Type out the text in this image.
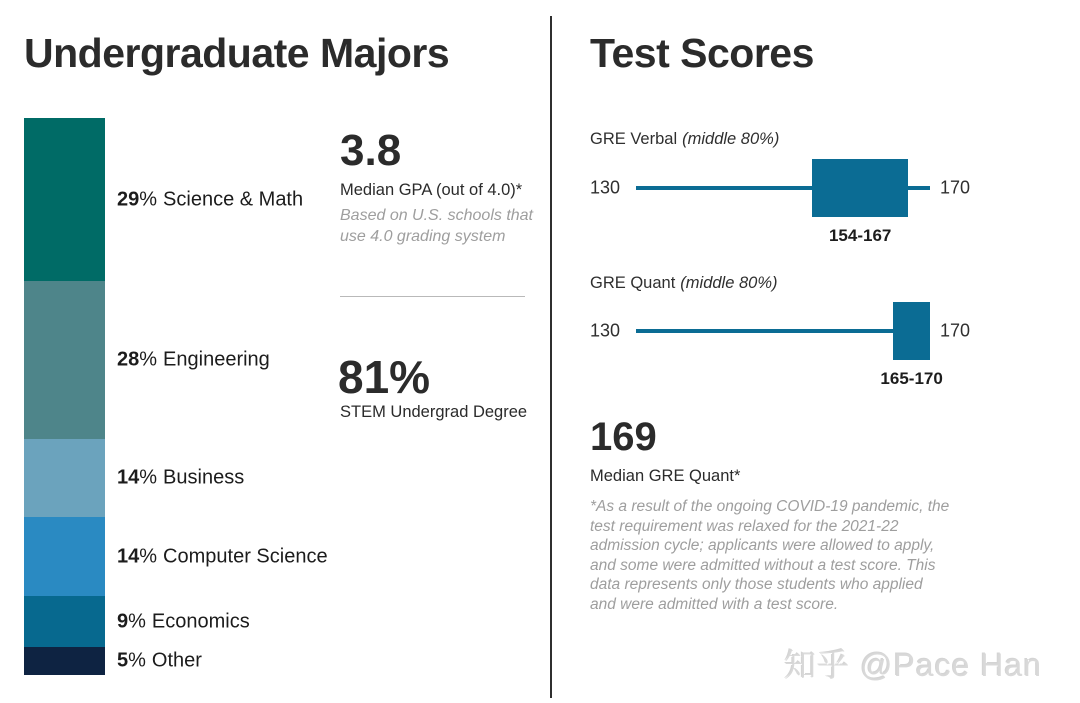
Undergraduate Majors
29% Science & Math
28% Engineering
14% Business
14% Computer Science
9% Economics
5% Other
3.8
Median GPA (out of 4.0)*
Based on U.S. schools that use 4.0 grading system
81%
STEM Undergrad Degree
Test Scores
GRE Verbal (middle 80%)
130	170
154-167
GRE Quant (middle 80%)
130	170
165-170
169
Median GRE Quant*
*As a result of the ongoing COVID-19 pandemic, the test requirement was relaxed for the 2021-22 admission cycle; applicants were allowed to apply, and some were admitted without a test score. This data represents only those students who applied and were admitted with a test score.
知乎 @Pace Han
